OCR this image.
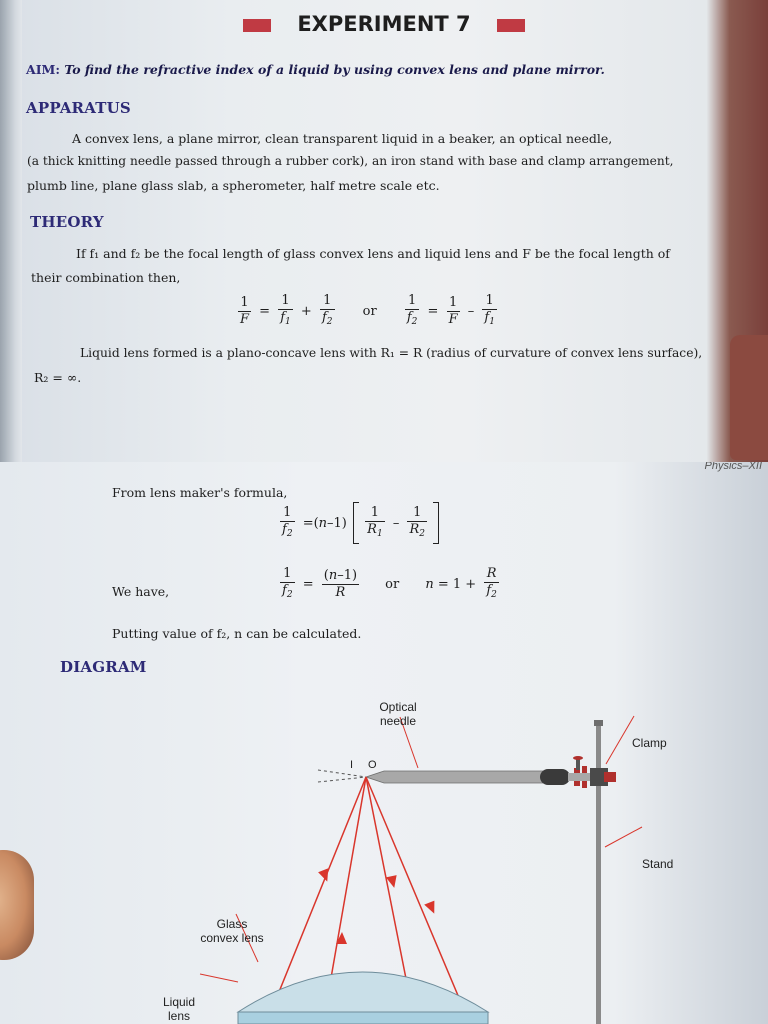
EXPERIMENT 7
AIM: To find the refractive index of a liquid by using convex lens and plane mirror.
APPARATUS
A convex lens, a plane mirror, clean transparent liquid in a beaker, an optical needle,
(a thick knitting needle passed through a rubber cork), an iron stand with base and clamp arrangement,
plumb line, plane glass slab, a spherometer, half metre scale etc.
THEORY
If f₁ and f₂ be the focal length of glass convex lens and liquid lens and F be the focal length of
their combination then,
$\frac{1}{F} = \frac{1}{f_1} + \frac{1}{f_2}$ or $\frac{1}{f_2} = \frac{1}{F} - \frac{1}{f_1}$
Liquid lens formed is a plano-concave lens with R₁ = R (radius of curvature of convex lens surface),
R₂ = ∞.
Physics–XII
From lens maker's formula,
$\frac{1}{f_2} =(n-1) \frac{1}{R_1} - \frac{1}{R_2}$

We have,	$\frac{1}{f_2} = \frac{(n-1)}{R}$ or $n = 1 + \frac{R}{f_2}$
Putting value of f₂, n can be calculated.
DIAGRAM
Optical
needle
Clamp
Stand
Glass
convex lens
Liquid
lens
I O
